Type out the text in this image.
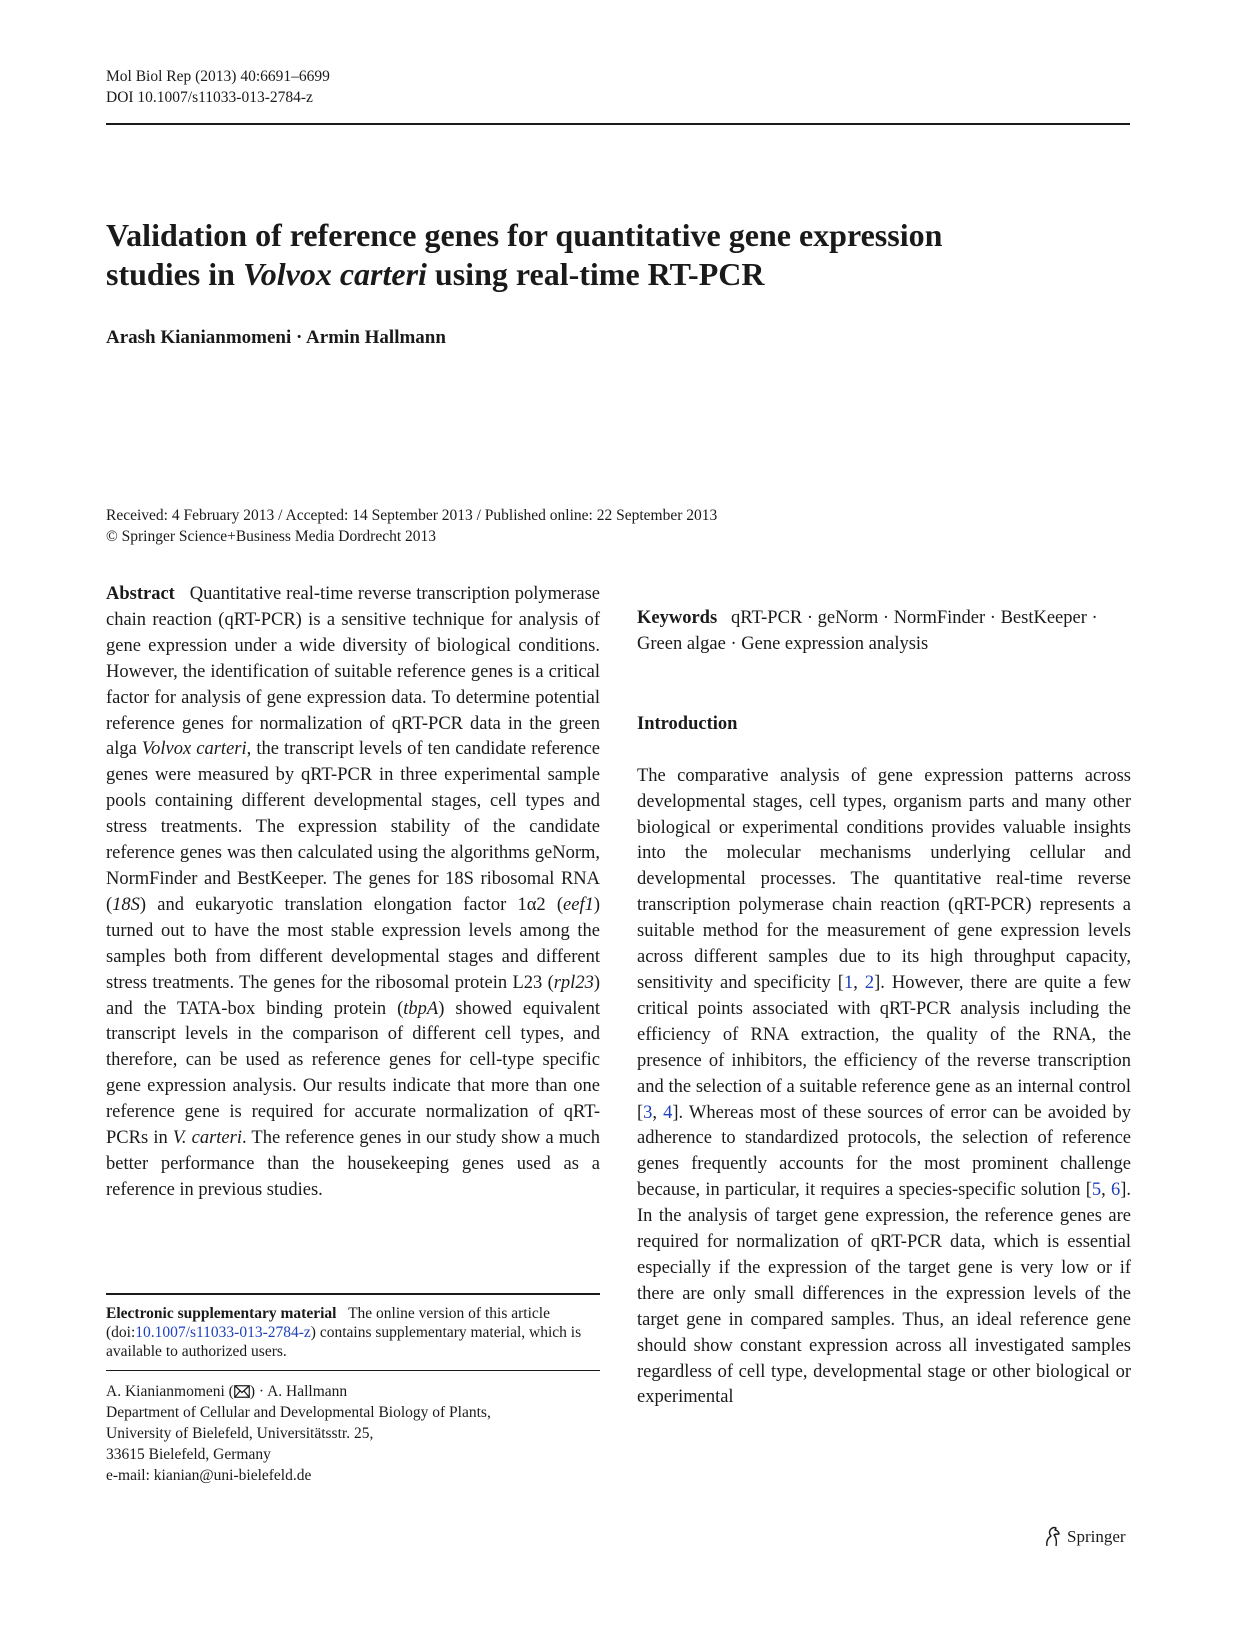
Mol Biol Rep (2013) 40:6691–6699
DOI 10.1007/s11033-013-2784-z
Validation of reference genes for quantitative gene expression
studies in Volvox carteri using real-time RT-PCR
Arash Kianianmomeni · Armin Hallmann
Received: 4 February 2013 / Accepted: 14 September 2013 / Published online: 22 September 2013
© Springer Science+Business Media Dordrecht 2013

Abstract Quantitative real-time reverse transcription polymerase chain reaction (qRT-PCR) is a sensitive technique for analysis of gene expression under a wide diversity of biological conditions. However, the identification of suitable reference genes is a critical factor for analysis of gene expression data. To determine potential reference genes for normalization of qRT-PCR data in the green alga Volvox carteri, the transcript levels of ten candidate reference genes were measured by qRT-PCR in three experimental sample pools containing different developmental stages, cell types and stress treatments. The expression stability of the candidate reference genes was then calculated using the algorithms geNorm, NormFinder and BestKeeper. The genes for 18S ribosomal RNA (18S) and eukaryotic translation elongation factor 1α2 (eef1) turned out to have the most stable expression levels among the samples both from different developmental stages and different stress treatments. The genes for the ribosomal protein L23 (rpl23) and the TATA-box binding protein (tbpA) showed equivalent transcript levels in the comparison of different cell types, and therefore, can be used as reference genes for cell-type specific gene expression analysis. Our results indicate that more than one reference gene is required for accurate normalization of qRT-PCRs in V. carteri. The reference genes in our study show a much better performance than the housekeeping genes used as a reference in previous studies.

Keywords qRT-PCR · geNorm · NormFinder · BestKeeper · Green algae · Gene expression analysis

Introduction

The comparative analysis of gene expression patterns across developmental stages, cell types, organism parts and many other biological or experimental conditions provides valuable insights into the molecular mechanisms underlying cellular and developmental processes. The quantitative real-time reverse transcription polymerase chain reaction (qRT-PCR) represents a suitable method for the measurement of gene expression levels across different samples due to its high throughput capacity, sensitivity and specificity [1, 2]. However, there are quite a few critical points associated with qRT-PCR analysis including the efficiency of RNA extraction, the quality of the RNA, the presence of inhibitors, the efficiency of the reverse transcription and the selection of a suitable reference gene as an internal control [3, 4]. Whereas most of these sources of error can be avoided by adherence to standardized protocols, the selection of reference genes frequently accounts for the most prominent challenge because, in particular, it requires a species-specific solution [5, 6]. In the analysis of target gene expression, the reference genes are required for normalization of qRT-PCR data, which is essential especially if the expression of the target gene is very low or if there are only small differences in the expression levels of the target gene in compared samples. Thus, an ideal reference gene should show constant expression across all investigated samples regardless of cell type, developmental stage or other biological or experimental

Electronic supplementary material The online version of this article (doi:10.1007/s11033-013-2784-z) contains supplementary material, which is available to authorized users.
A. Kianianmomeni ( ) · A. Hallmann
Department of Cellular and Developmental Biology of Plants,
University of Bielefeld, Universitätsstr. 25,
33615 Bielefeld, Germany
e-mail: kianian@uni-bielefeld.de
Springer
